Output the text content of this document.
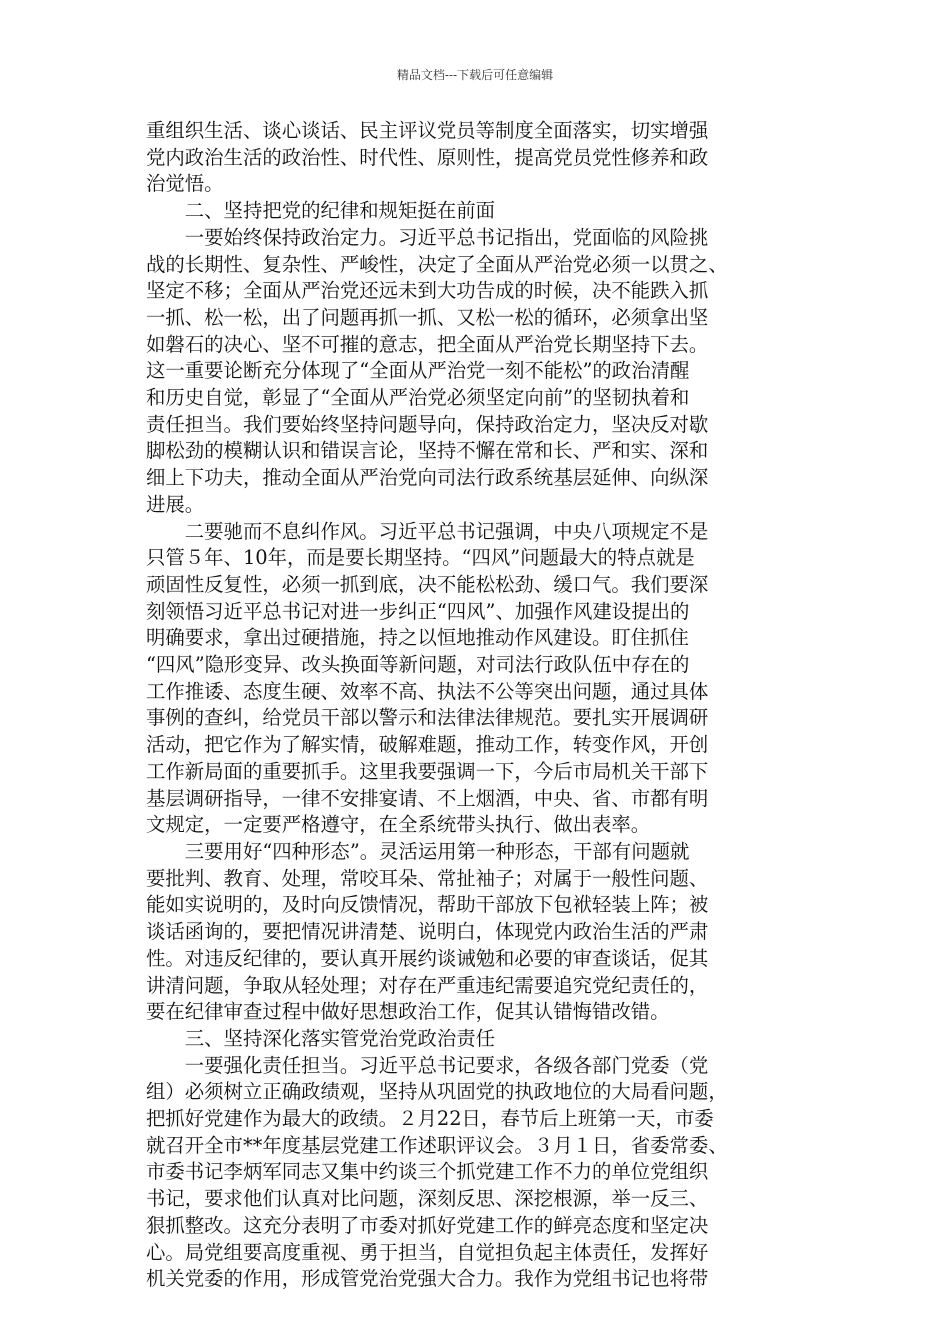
精品文档---下载后可任意编辑
重组织生活、谈心谈话、民主评议党员等制度全面落实，切实增强
党内政治生活的政治性、时代性、原则性，提高党员党性修养和政
治觉悟。
　　二、坚持把党的纪律和规矩挺在前面
　　一要始终保持政治定力。习近平总书记指出，党面临的风险挑
战的长期性、复杂性、严峻性，决定了全面从严治党必须一以贯之、
坚定不移；全面从严治党还远未到大功告成的时候，决不能跌入抓
一抓、松一松，出了问题再抓一抓、又松一松的循环，必须拿出坚
如磐石的决心、坚不可摧的意志，把全面从严治党长期坚持下去。
这一重要论断充分体现了“全面从严治党一刻不能松”的政治清醒
和历史自觉，彰显了“全面从严治党必须坚定向前”的坚韧执着和
责任担当。我们要始终坚持问题导向，保持政治定力，坚决反对歇
脚松劲的模糊认识和错误言论，坚持不懈在常和长、严和实、深和
细上下功夫，推动全面从严治党向司法行政系统基层延伸、向纵深
进展。
　　二要驰而不息纠作风。习近平总书记强调，中央八项规定不是
只管５年、10年，而是要长期坚持。“四风”问题最大的特点就是
顽固性反复性，必须一抓到底，决不能松松劲、缓口气。我们要深
刻领悟习近平总书记对进一步纠正“四风”、加强作风建设提出的
明确要求，拿出过硬措施，持之以恒地推动作风建设。盯住抓住
“四风”隐形变异、改头换面等新问题，对司法行政队伍中存在的
工作推诿、态度生硬、效率不高、执法不公等突出问题，通过具体
事例的查纠，给党员干部以警示和法律法律规范。要扎实开展调研
活动，把它作为了解实情，破解难题，推动工作，转变作风，开创
工作新局面的重要抓手。这里我要强调一下，今后市局机关干部下
基层调研指导，一律不安排宴请、不上烟酒，中央、省、市都有明
文规定，一定要严格遵守，在全系统带头执行、做出表率。
　　三要用好“四种形态”。灵活运用第一种形态，干部有问题就
要批判、教育、处理，常咬耳朵、常扯袖子；对属于一般性问题、
能如实说明的，及时向反馈情况，帮助干部放下包袱轻装上阵；被
谈话函询的，要把情况讲清楚、说明白，体现党内政治生活的严肃
性。对违反纪律的，要认真开展约谈诫勉和必要的审查谈话，促其
讲清问题，争取从轻处理；对存在严重违纪需要追究党纪责任的，
要在纪律审查过程中做好思想政治工作，促其认错悔错改错。
　　三、坚持深化落实管党治党政治责任
　　一要强化责任担当。习近平总书记要求，各级各部门党委（党
组）必须树立正确政绩观，坚持从巩固党的执政地位的大局看问题，
把抓好党建作为最大的政绩。２月22日，春节后上班第一天，市委
就召开全市**年度基层党建工作述职评议会。３月１日，省委常委、
市委书记李炳军同志又集中约谈三个抓党建工作不力的单位党组织
书记，要求他们认真对比问题，深刻反思、深挖根源，举一反三、
狠抓整改。这充分表明了市委对抓好党建工作的鲜亮态度和坚定决
心。局党组要高度重视、勇于担当，自觉担负起主体责任，发挥好
机关党委的作用，形成管党治党强大合力。我作为党组书记也将带
